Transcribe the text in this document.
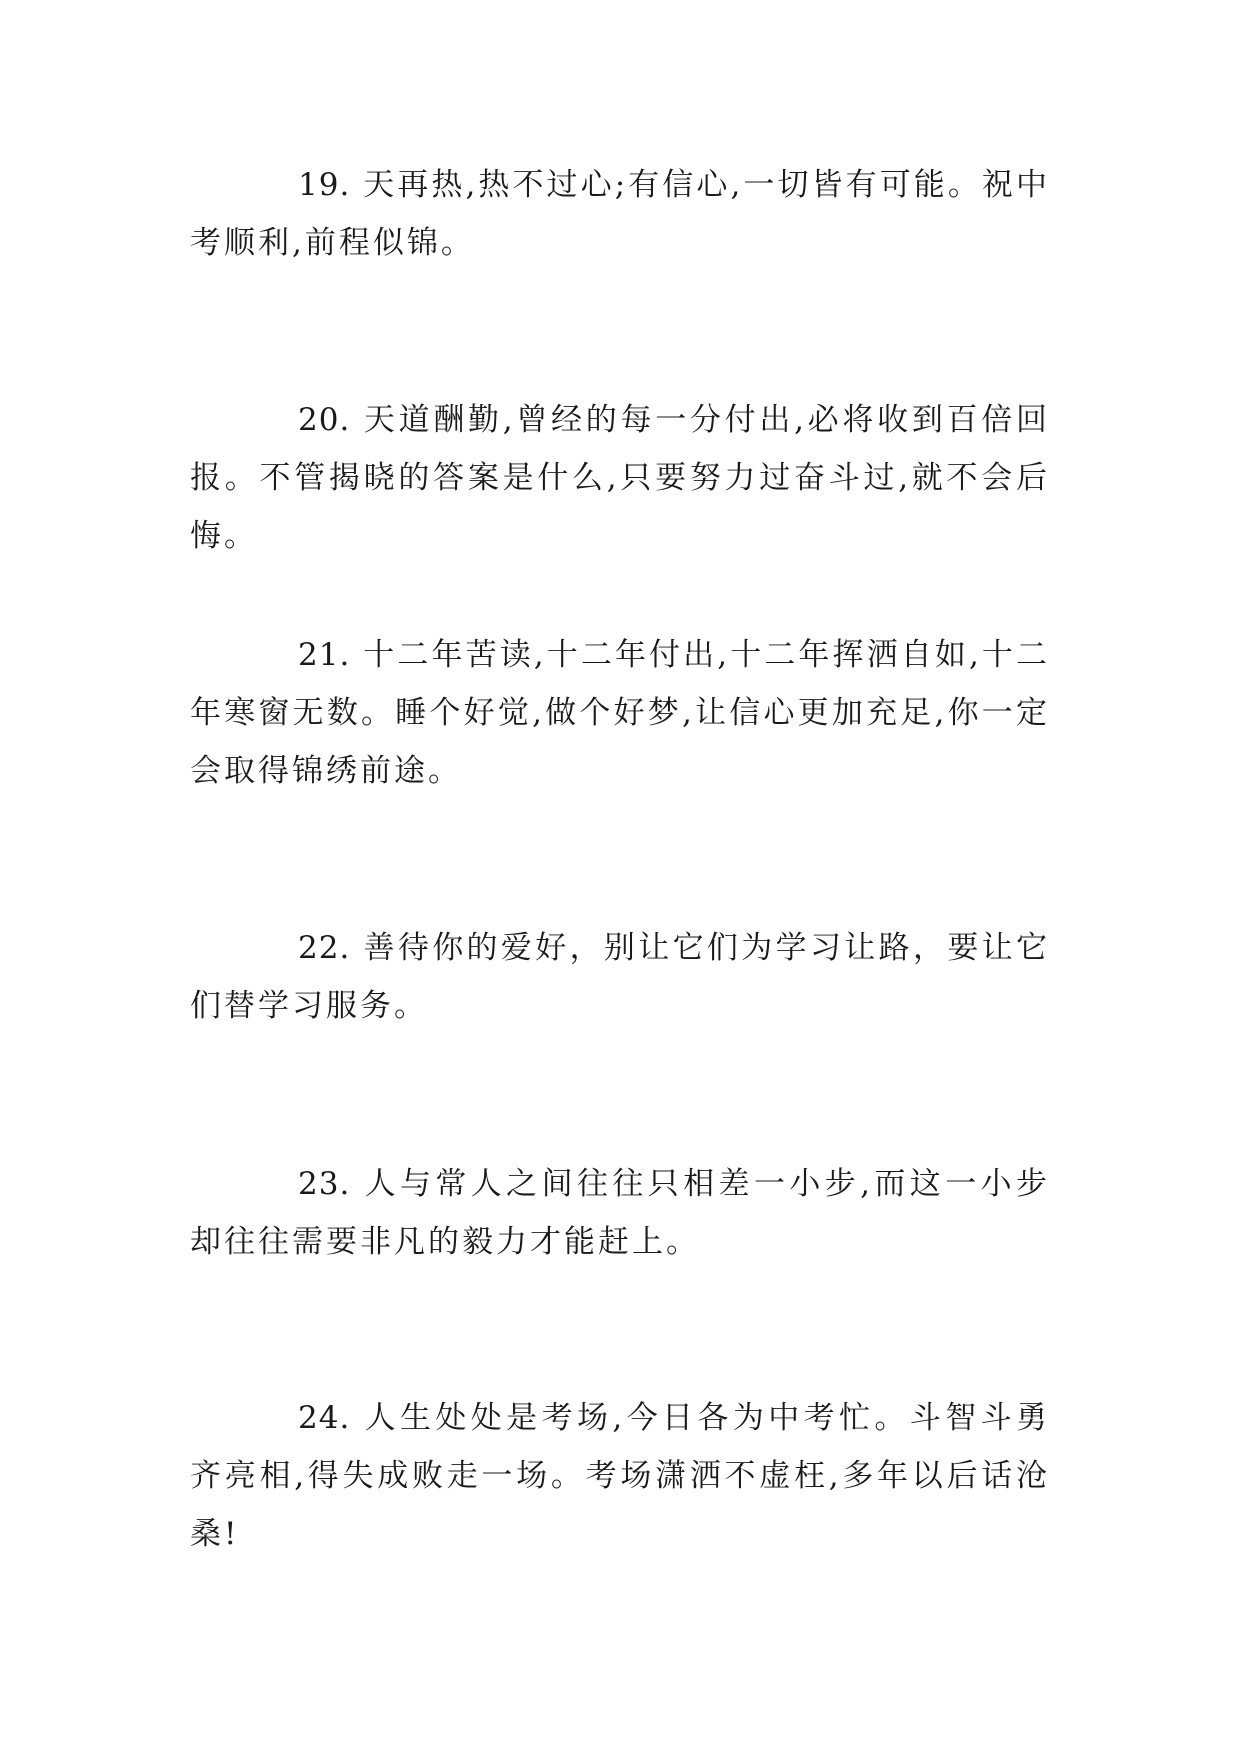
19. 天再热,热不过心;有信心,一切皆有可能。祝中考顺利,前程似锦。

20. 天道酬勤,曾经的每一分付出,必将收到百倍回报。不管揭晓的答案是什么,只要努力过奋斗过,就不会后悔。

21. 十二年苦读,十二年付出,十二年挥洒自如,十二年寒窗无数。睡个好觉,做个好梦,让信心更加充足,你一定会取得锦绣前途。

22. 善待你的爱好，别让它们为学习让路，要让它们替学习服务。

23. 人与常人之间往往只相差一小步,而这一小步却往往需要非凡的毅力才能赶上。

24. 人生处处是考场,今日各为中考忙。斗智斗勇齐亮相,得失成败走一场。考场潇洒不虚枉,多年以后话沧桑!
